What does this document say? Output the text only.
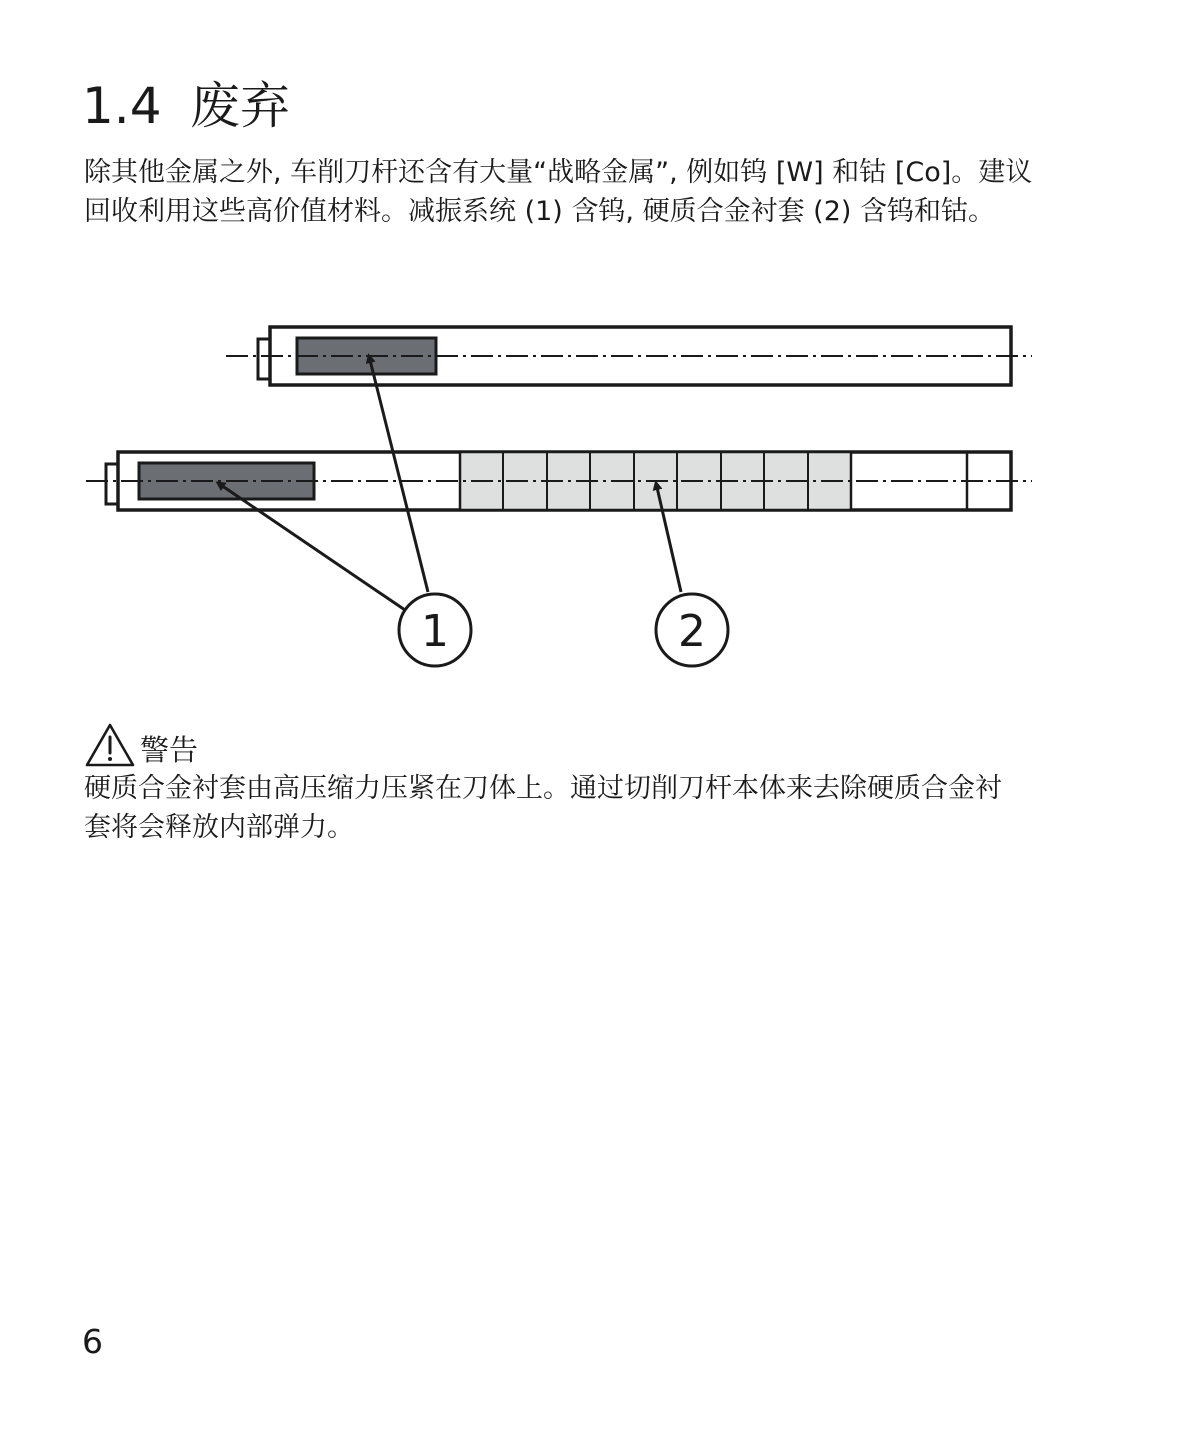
1.4 废弃

除其他金属之外, 车削刀杆还含有大量“战略金属”, 例如钨 [W] 和钴 [Co]。建议回收利用这些高价值材料。减振系统 (1) 含钨, 硬质合金衬套 (2) 含钨和钴。

1	2
警告

硬质合金衬套由高压缩力压紧在刀体上。通过切削刀杆本体来去除硬质合金衬套将会释放内部弹力。

6
